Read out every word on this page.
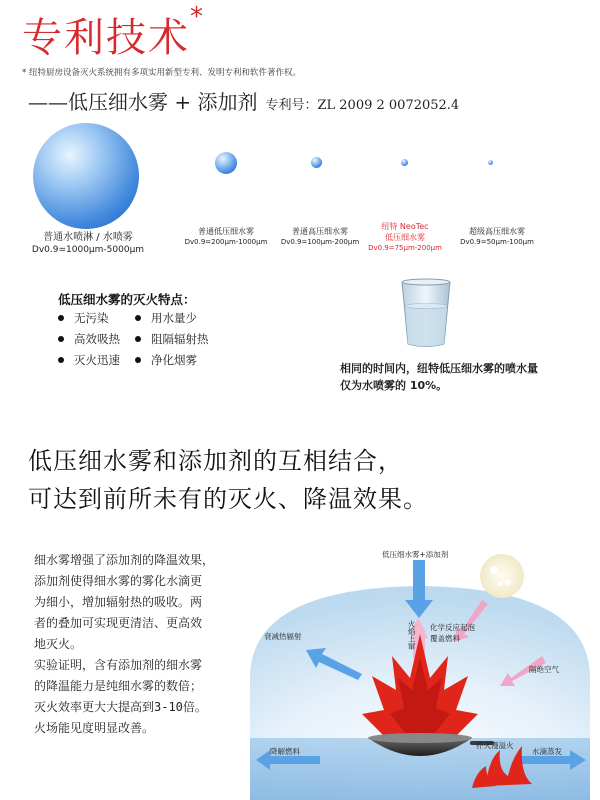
专利技术*
* 纽特厨房设备灭火系统拥有多项实用新型专利、发明专利和软件著作权。
——低压细水雾 + 添加剂 专利号：ZL 2009 2 0072052.4
普通水喷淋 / 水喷雾
Dv0.9=1000μm-5000μm
普通低压细水雾
Dv0.9=200μm-1000μm
普通高压细水雾
Dv0.9=100μm-200μm
纽特 NeoTec
低压细水雾
Dv0.9=75μm-200μm
超级高压细水雾
Dv0.9=50μm-100μm
低压细水雾的灭火特点：
无污染	用水量少
高效吸热	阻隔辐射热
灭火迅速	净化烟雾
相同的时间内，纽特低压细水雾的喷水量仅为水喷雾的 10%。
低压细水雾和添加剂的互相结合，
可达到前所未有的灭火、降温效果。
细水雾增强了添加剂的降温效果，
添加剂使得细水雾的雾化水滴更
为细小，增加辐射热的吸收。两
者的叠加可实现更清洁、更高效
地灭火。
实验证明，含有添加剂的细水雾
的降温能力是纯细水雾的数倍；
灭火效率更大大提高到3-10倍。
火场能见度明显改善。
低压细水雾+添加剂
火焰上窜 化学反应起泡
覆盖燃料
衰减热辐射
隔绝空气
降解燃料
扑灭漫溢火
水滴蒸发
